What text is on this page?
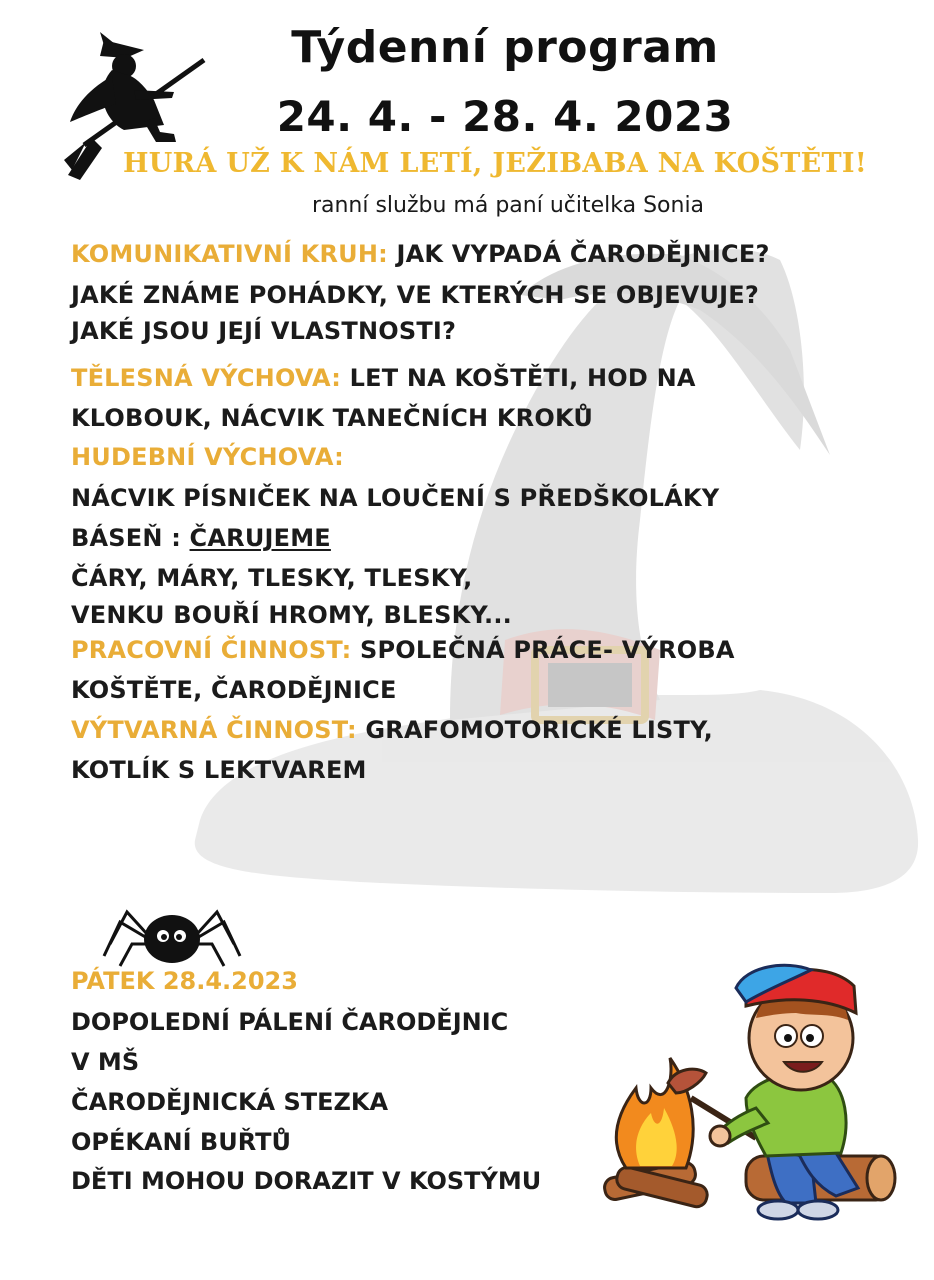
Týdenní program
24. 4. - 28. 4. 2023
HURÁ UŽ K NÁM LETÍ, JEŽIBABA NA KOŠTĚTI!
ranní službu má paní učitelka Sonia
KOMUNIKATIVNÍ KRUH: JAK VYPADÁ ČARODĚJNICE?
JAKÉ ZNÁME POHÁDKY, VE KTERÝCH SE OBJEVUJE?
JAKÉ JSOU JEJÍ VLASTNOSTI?
TĚLESNÁ VÝCHOVA: LET NA KOŠTĚTI, HOD NA
KLOBOUK, NÁCVIK TANEČNÍCH KROKŮ
HUDEBNÍ VÝCHOVA:
NÁCVIK PÍSNIČEK NA LOUČENÍ S PŘEDŠKOLÁKY
BÁSEŇ : ČARUJEME
ČÁRY, MÁRY, TLESKY, TLESKY,
VENKU BOUŘÍ HROMY, BLESKY...
PRACOVNÍ ČINNOST: SPOLEČNÁ PRÁCE- VÝROBA
KOŠTĚTE, ČARODĚJNICE
VÝTVARNÁ ČINNOST: GRAFOMOTORICKÉ LISTY,
KOTLÍK S LEKTVAREM
PÁTEK 28.4.2023
DOPOLEDNÍ PÁLENÍ ČARODĚJNIC
V MŠ
ČARODĚJNICKÁ STEZKA
OPÉKANÍ BUŘTŮ
DĚTI MOHOU DORAZIT V KOSTÝMU
